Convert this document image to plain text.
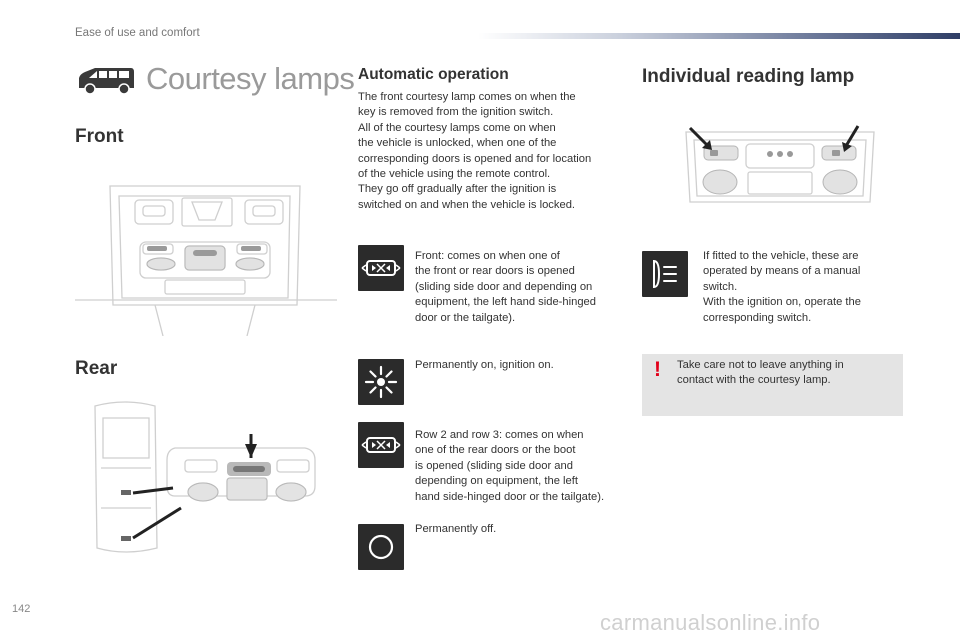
Ease of use and comfort
Courtesy lamps
Front
Rear
Automatic operation
The front courtesy lamp comes on when the
key is removed from the ignition switch.
All of the courtesy lamps come on when
the vehicle is unlocked, when one of the
corresponding doors is opened and for location
of the vehicle using the remote control.
They go off gradually after the ignition is
switched on and when the vehicle is locked.
Front: comes on when one of
the front or rear doors is opened
(sliding side door and depending on
equipment, the left hand side-hinged
door or the tailgate).
Permanently on, ignition on.
Row 2 and row 3: comes on when
one of the rear doors or the boot
is opened (sliding side door and
depending on equipment, the left
hand side-hinged door or the tailgate).
Permanently off.
Individual reading lamp
If fitted to the vehicle, these are
operated by means of a manual
switch.
With the ignition on, operate the
corresponding switch.
! Take care not to leave anything in
contact with the courtesy lamp.
142
carmanualsonline.info
